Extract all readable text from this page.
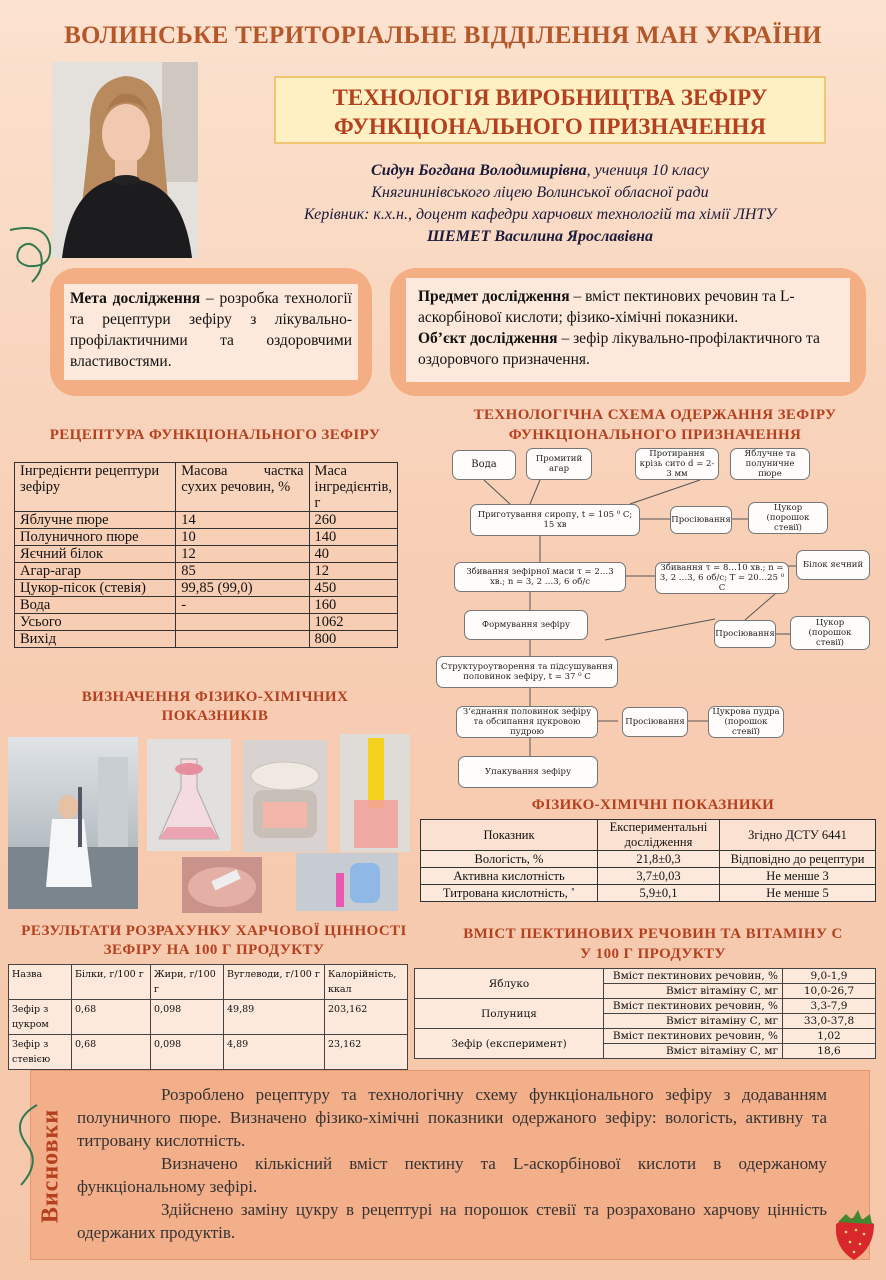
ВОЛИНСЬКЕ ТЕРИТОРІАЛЬНЕ ВІДДІЛЕННЯ МАН УКРАЇНИ
ТЕХНОЛОГІЯ ВИРОБНИЦТВА ЗЕФІРУ
ФУНКЦІОНАЛЬНОГО ПРИЗНАЧЕННЯ
Сидун Богдана Володимирівна, учениця 10 класу
Княгининівського ліцею Волинської обласної ради
Керівник: к.х.н., доцент кафедри харчових технологій та хімії ЛНТУ
ШЕМЕТ Василина Ярославівна
Мета дослідження – розробка технології та рецептури зефіру з лікувально-профілактичними та оздоровчими властивостями.
Предмет дослідження – вміст пектинових речовин та L-аскорбінової кислоти; фізико-хімічні показники.
Об’єкт дослідження – зефір лікувально-профілактичного та оздоровчого призначення.
РЕЦЕПТУРА ФУНКЦІОНАЛЬНОГО ЗЕФІРУ
Інгредієнти рецептури зефіру	Масова частка сухих речовин, %	Маса інгредієнтів, г
Яблучне пюре	14	260
Полуничного пюре	10	140
Яєчний білок	12	40
Агар-агар	85	12
Цукор-пісок (стевія)	99,85 (99,0)	450
Вода	-	160
Усього		1062
Вихід		800
ТЕХНОЛОГІЧНА СХЕМА ОДЕРЖАННЯ ЗЕФІРУ
ФУНКЦІОНАЛЬНОГО ПРИЗНАЧЕННЯ
Вода	Промитий агар
Протирання крізь сито d = 2-3 мм
Яблучне та полуничне пюре
Приготування сиропу, t = 105 ⁰ С; 15 хв	Просіювання
Цукор (порошок стевії)
Збивання зефірної маси τ = 2…3 хв.; n = 3, 2 …3, 6 об/с
Збивання τ = 8…10 хв.; n = 3, 2 …3, 6 об/с; T = 20…25 ⁰ С
Білок яєчний
Формування зефіру
Просіювання
Цукор (порошок стевії)
Структуроутворення та підсушування половинок зефіру, t = 37 ⁰ С
З’єднання половинок зефіру та обсипання цукровою пудрою
Просіювання
Цукрова пудра (порошок стевії)
Упакування зефіру
ВИЗНАЧЕННЯ ФІЗИКО-ХІМІЧНИХ
ПОКАЗНИКІВ
ФІЗИКО-ХІМІЧНІ ПОКАЗНИКИ
Показник	Експериментальні дослідження	Згідно ДСТУ 6441
Вологість, %	21,8±0,3	Відповідно до рецептури
Активна кислотність	3,7±0,03	Не менше 3
Титрована кислотність, ˚	5,9±0,1	Не менше 5
РЕЗУЛЬТАТИ РОЗРАХУНКУ ХАРЧОВОЇ ЦІННОСТІ
ЗЕФІРУ НА 100 Г ПРОДУКТУ
Назва	Білки, г/100 г	Жири, г/100 г	Вуглеводи, г/100 г	Калорійність, ккал
Зефір з цукром	0,68	0,098	49,89	203,162
Зефір з стевією	0,68	0,098	4,89	23,162
ВМІСТ ПЕКТИНОВИХ РЕЧОВИН ТА ВІТАМІНУ С
У 100 Г ПРОДУКТУ
Яблуко	Вміст пектинових речовин, %	9,0-1,9
	Вміст вітаміну С, мг	10,0-26,7
Полуниця	Вміст пектинових речовин, %	3,3-7,9
	Вміст вітаміну С, мг	33,0-37,8
Зефір (експеримент)	Вміст пектинових речовин, %	1,02
	Вміст вітаміну С, мг	18,6
Висновки

Розроблено рецептуру та технологічну схему функціонального зефіру з додаванням полуничного пюре. Визначено фізико-хімічні показники одержаного зефіру: вологість, активну та титровану кислотність.

Визначено кількісний вміст пектину та L-аскорбінової кислоти в одержаному функціональному зефірі.

Здійснено заміну цукру в рецептурі на порошок стевії та розраховано харчову цінність одержаних продуктів.
